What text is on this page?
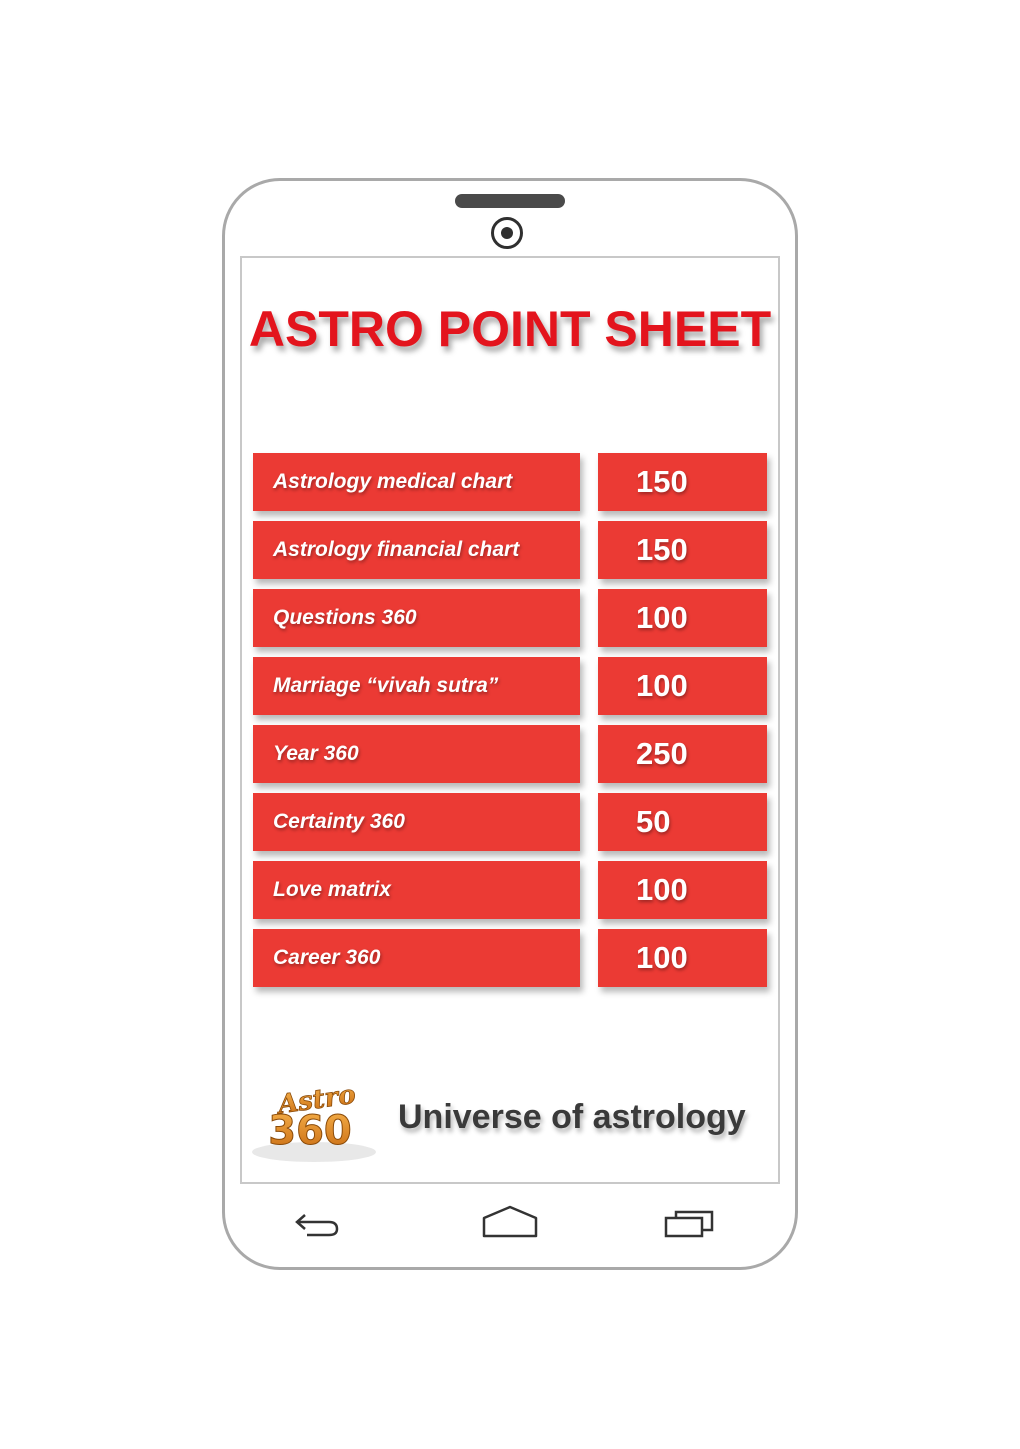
ASTRO POINT SHEET
Astrology medical chart
Astrology financial chart
Questions 360
Marriage “vivah sutra”
Year 360
Certainty 360
Love matrix
Career 360
150
150
100
100
250
50
100
100
Astro
360 Universe of astrology
